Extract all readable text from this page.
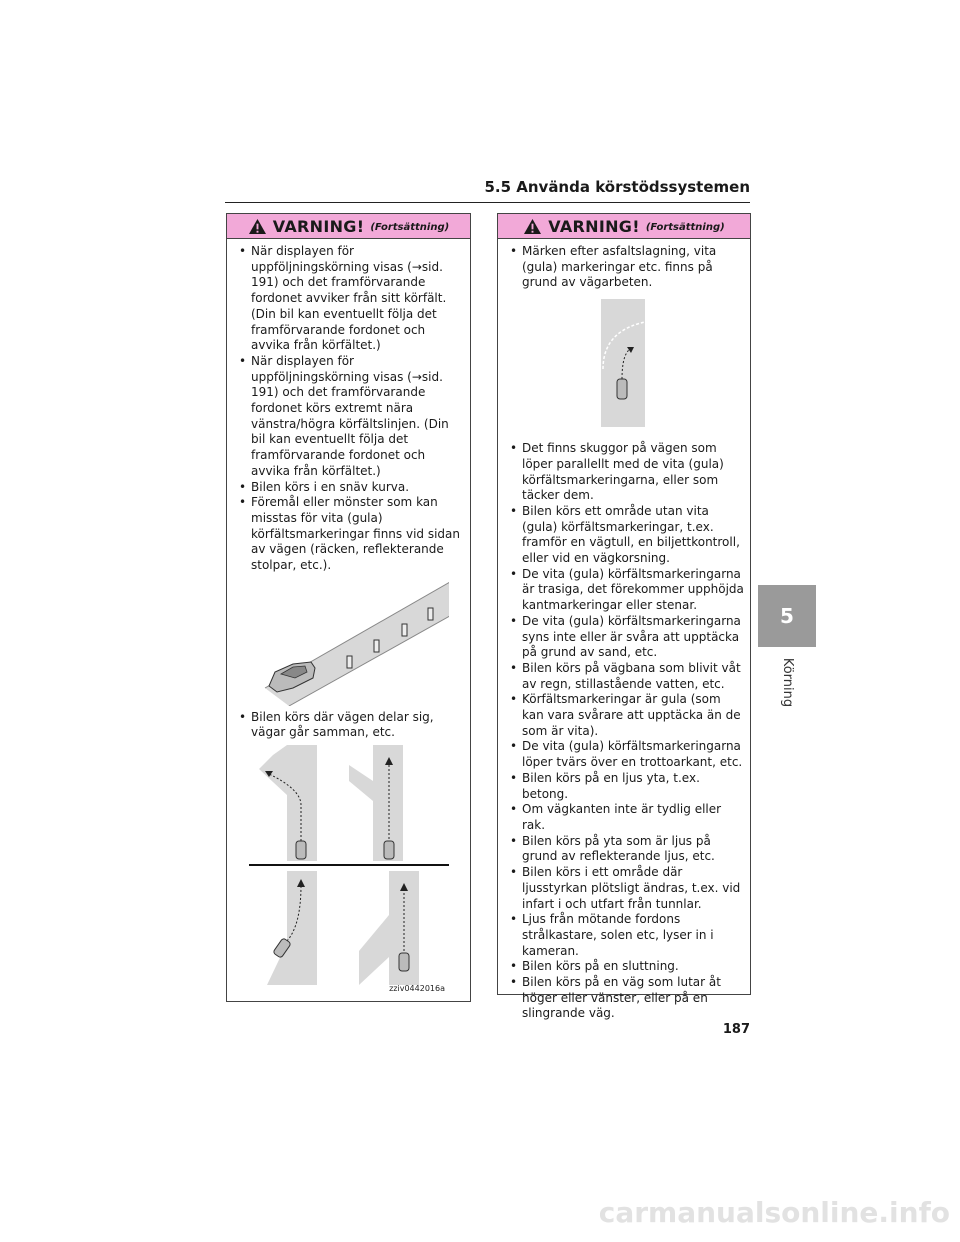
5.5 Använda körstödssystemen
VARNING! (Fortsättning)
• När displayen för uppföljningskörning visas (→sid. 191) och det framförvarande fordonet avviker från sitt körfält. (Din bil kan eventuellt följa det framförvarande fordonet och avvika från körfältet.)
• När displayen för uppföljningskörning visas (→sid. 191) och det framförvarande fordonet körs extremt nära vänstra/högra körfältslinjen. (Din bil kan eventuellt följa det framförvarande fordonet och avvika från körfältet.)
• Bilen körs i en snäv kurva.
• Föremål eller mönster som kan misstas för vita (gula) körfältsmarkeringar finns vid sidan av vägen (räcken, reflekterande stolpar, etc.).
• Bilen körs där vägen delar sig, vägar går samman, etc.
zziv0442016a
VARNING! (Fortsättning)
• Märken efter asfaltslagning, vita (gula) markeringar etc. finns på grund av vägarbeten.
• Det finns skuggor på vägen som löper parallellt med de vita (gula) körfältsmarkeringarna, eller som täcker dem.
• Bilen körs ett område utan vita (gula) körfältsmarkeringar, t.ex. framför en vägtull, en biljettkontroll, eller vid en vägkorsning.
• De vita (gula) körfältsmarkeringarna är trasiga, det förekommer upphöjda kantmarkeringar eller stenar.
• De vita (gula) körfältsmarkeringarna syns inte eller är svåra att upptäcka på grund av sand, etc.
• Bilen körs på vägbana som blivit våt av regn, stillastående vatten, etc.
• Körfältsmarkeringar är gula (som kan vara svårare att upptäcka än de som är vita).
• De vita (gula) körfältsmarkeringarna löper tvärs över en trottoarkant, etc.
• Bilen körs på en ljus yta, t.ex. betong.
• Om vägkanten inte är tydlig eller rak.
• Bilen körs på yta som är ljus på grund av reflekterande ljus, etc.
• Bilen körs i ett område där ljusstyrkan plötsligt ändras, t.ex. vid infart i och utfart från tunnlar.
• Ljus från mötande fordons strålkastare, solen etc, lyser in i kameran.
• Bilen körs på en sluttning.
• Bilen körs på en väg som lutar åt höger eller vänster, eller på en slingrande väg.
5
Körning
187
carmanualsonline.info
